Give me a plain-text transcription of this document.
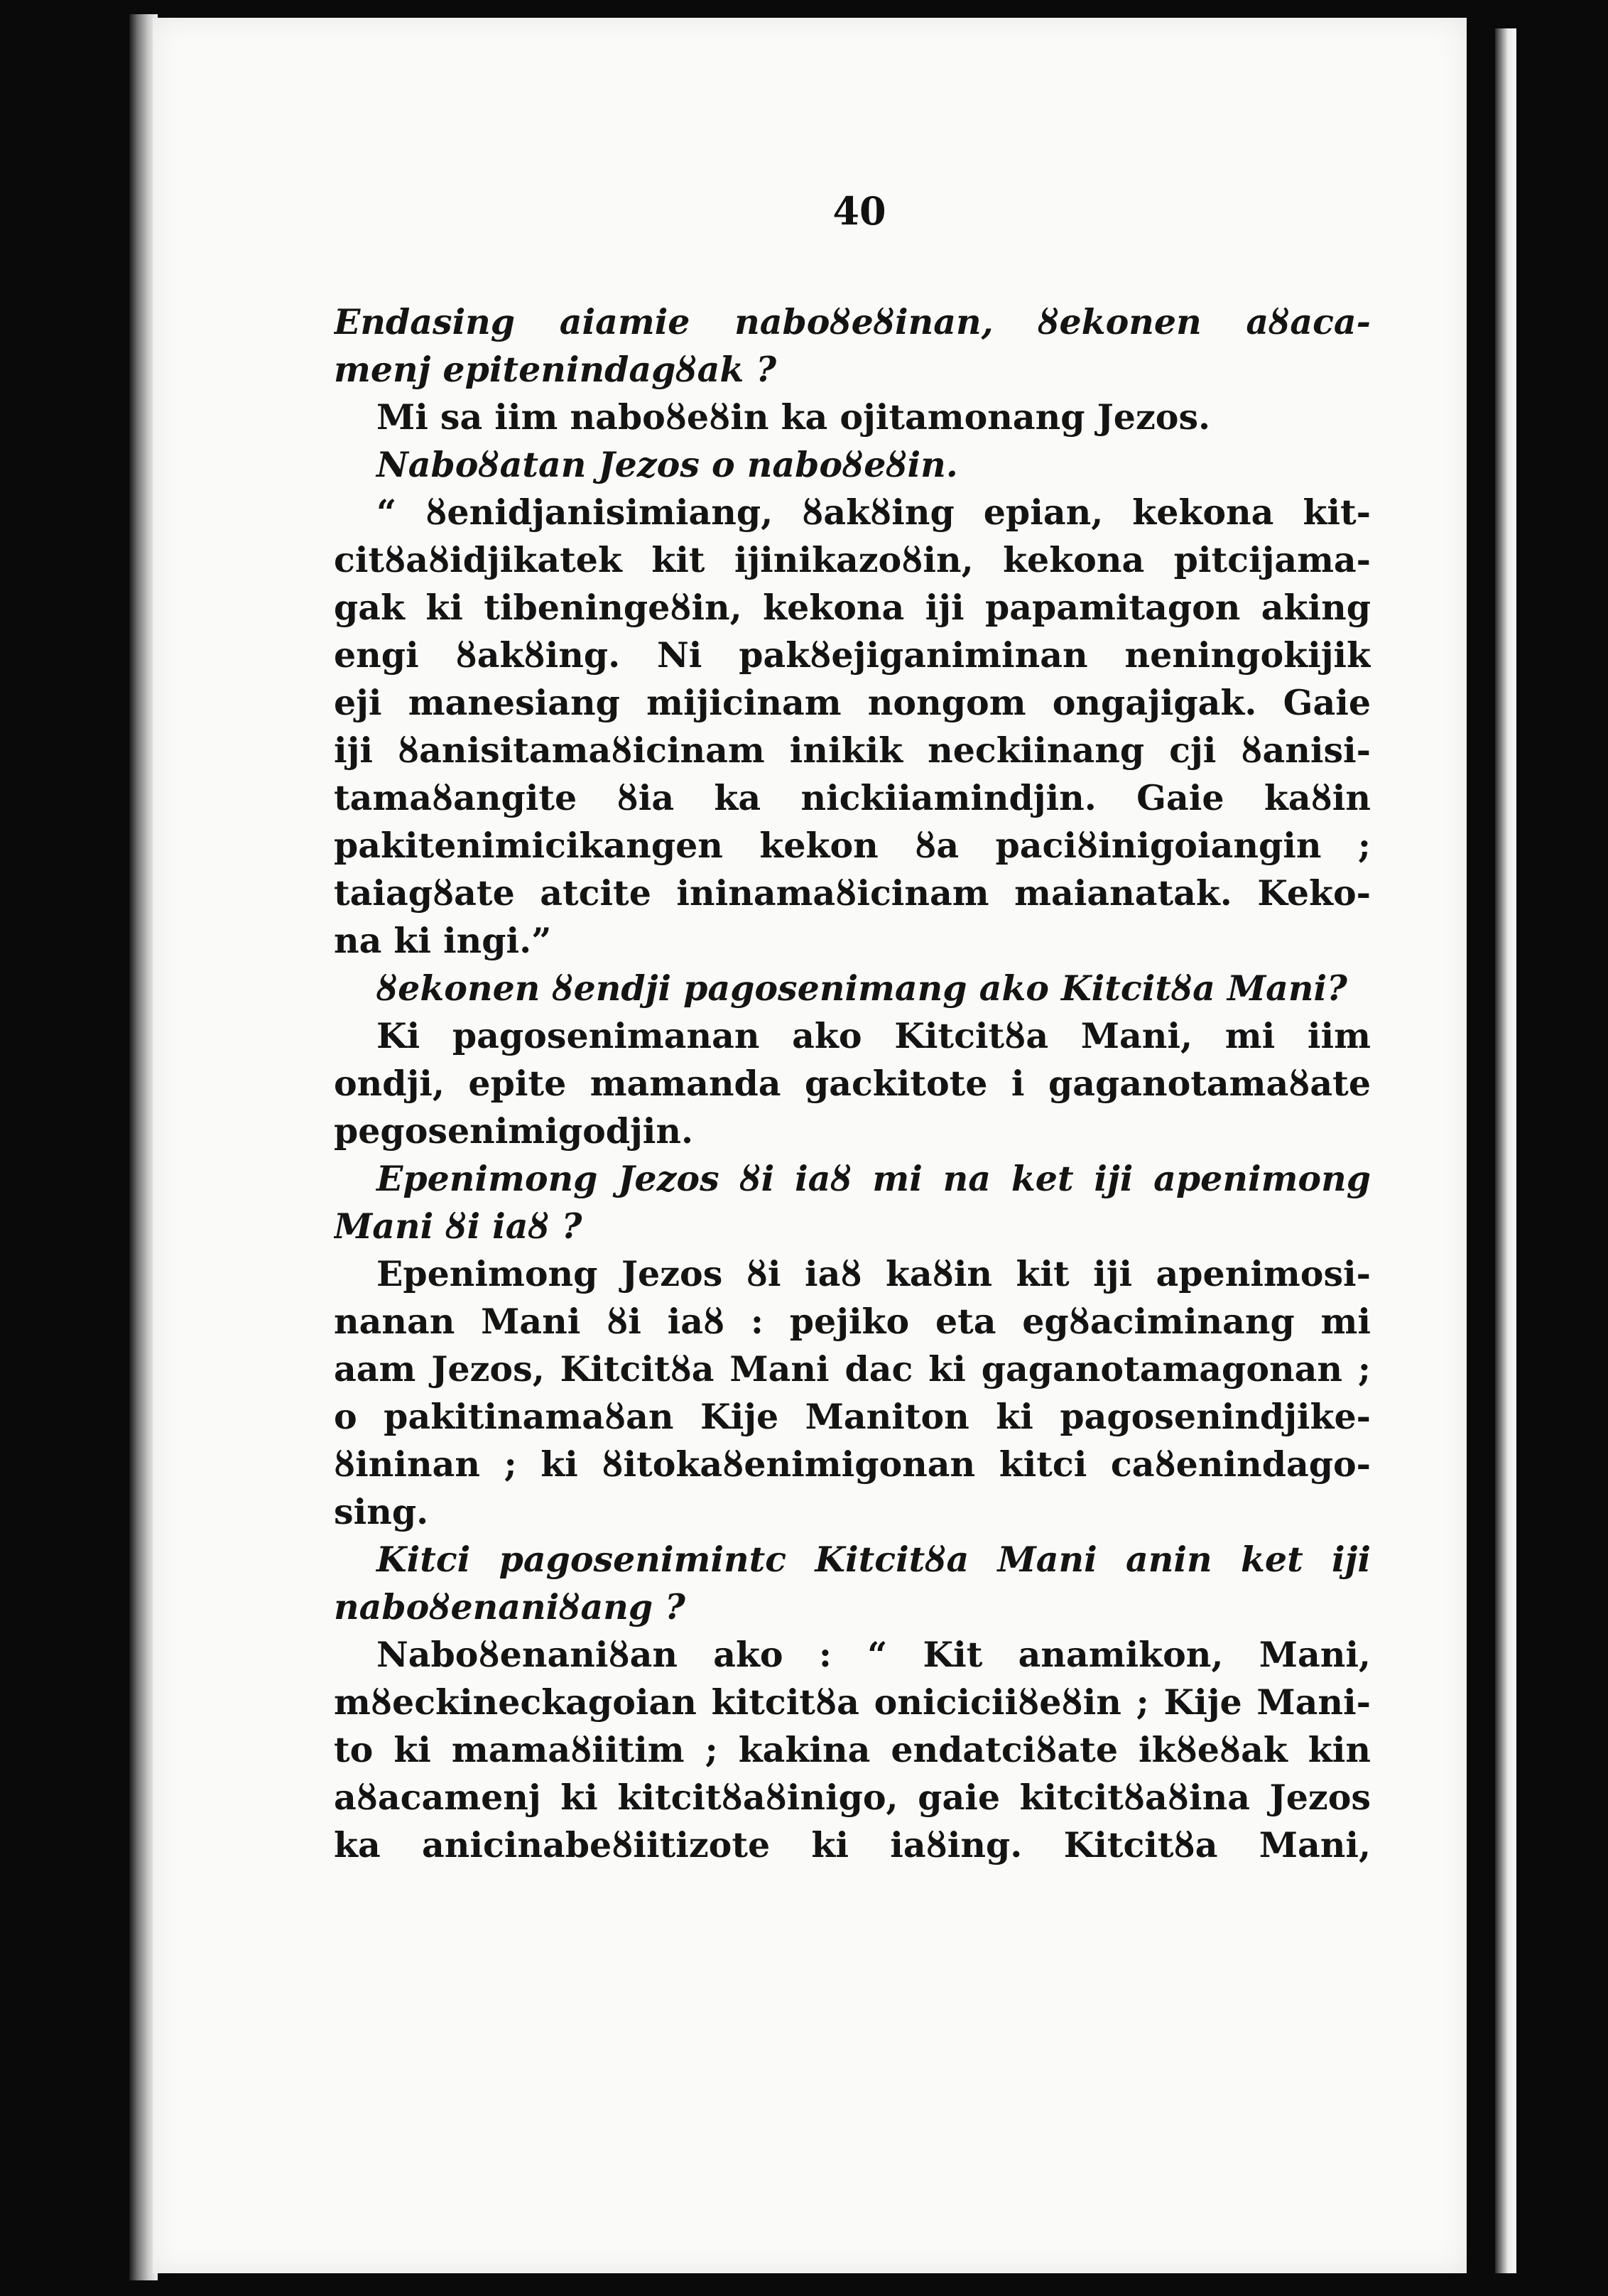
40
Endasing aiamie naboȣeȣinan, ȣekonen aȣaca-
menj epitenindagȣak ?
Mi sa iim naboȣeȣin ka ojitamonang Jezos.
Naboȣatan Jezos o naboȣeȣin.
“ ȣenidjanisimiang, ȣakȣing epian, kekona kit-
citȣaȣidjikatek kit ijinikazoȣin, kekona pitcijama-
gak ki tibeningeȣin, kekona iji papamitagon aking
engi ȣakȣing. Ni pakȣejiganiminan neningokijik
eji manesiang mijicinam nongom ongajigak. Gaie
iji ȣanisitamaȣicinam inikik neckiinang cji ȣanisi-
tamaȣangite ȣia ka nickiiamindjin. Gaie kaȣin
pakitenimicikangen kekon ȣa paciȣinigoiangin ;
taiagȣate atcite ininamaȣicinam maianatak. Keko-
na ki ingi.”
ȣekonen ȣendji pagosenimang ako Kitcitȣa Mani?
Ki pagosenimanan ako Kitcitȣa Mani, mi iim
ondji, epite mamanda gackitote i gaganotamaȣate
pegosenimigodjin.
Epenimong Jezos ȣi iaȣ mi na ket iji apenimong
Mani ȣi iaȣ ?
Epenimong Jezos ȣi iaȣ kaȣin kit iji apenimosi-
nanan Mani ȣi iaȣ : pejiko eta egȣaciminang mi
aam Jezos, Kitcitȣa Mani dac ki gaganotamagonan ;
o pakitinamaȣan Kije Maniton ki pagosenindjike-
ȣininan ; ki ȣitokaȣenimigonan kitci caȣenindago-
sing.
Kitci pagosenimintc Kitcitȣa Mani anin ket iji
naboȣenaniȣang ?
Naboȣenaniȣan ako : “ Kit anamikon, Mani,
mȣeckineckagoian kitcitȣa oniciciiȣeȣin ; Kije Mani-
to ki mamaȣiitim ; kakina endatciȣate ikȣeȣak kin
aȣacamenj ki kitcitȣaȣinigo, gaie kitcitȣaȣina Jezos
ka anicinabeȣiitizote ki iaȣing. Kitcitȣa Mani,
